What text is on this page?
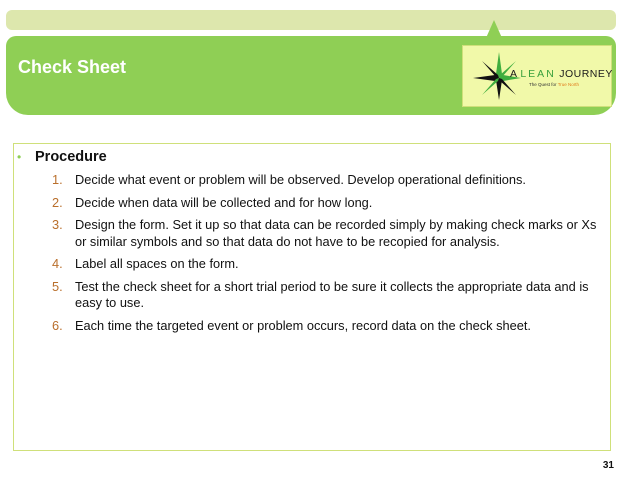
Check Sheet	A LEAN JOURNEY
The Quest for True North
• Procedure
1. Decide what event or problem will be observed. Develop operational definitions.
2. Decide when data will be collected and for how long.
3. Design the form. Set it up so that data can be recorded simply by making check marks or Xs or similar symbols and so that data do not have to be recopied for analysis.
4. Label all spaces on the form.
5. Test the check sheet for a short trial period to be sure it collects the appropriate data and is easy to use.
6. Each time the targeted event or problem occurs, record data on the check sheet.
31
